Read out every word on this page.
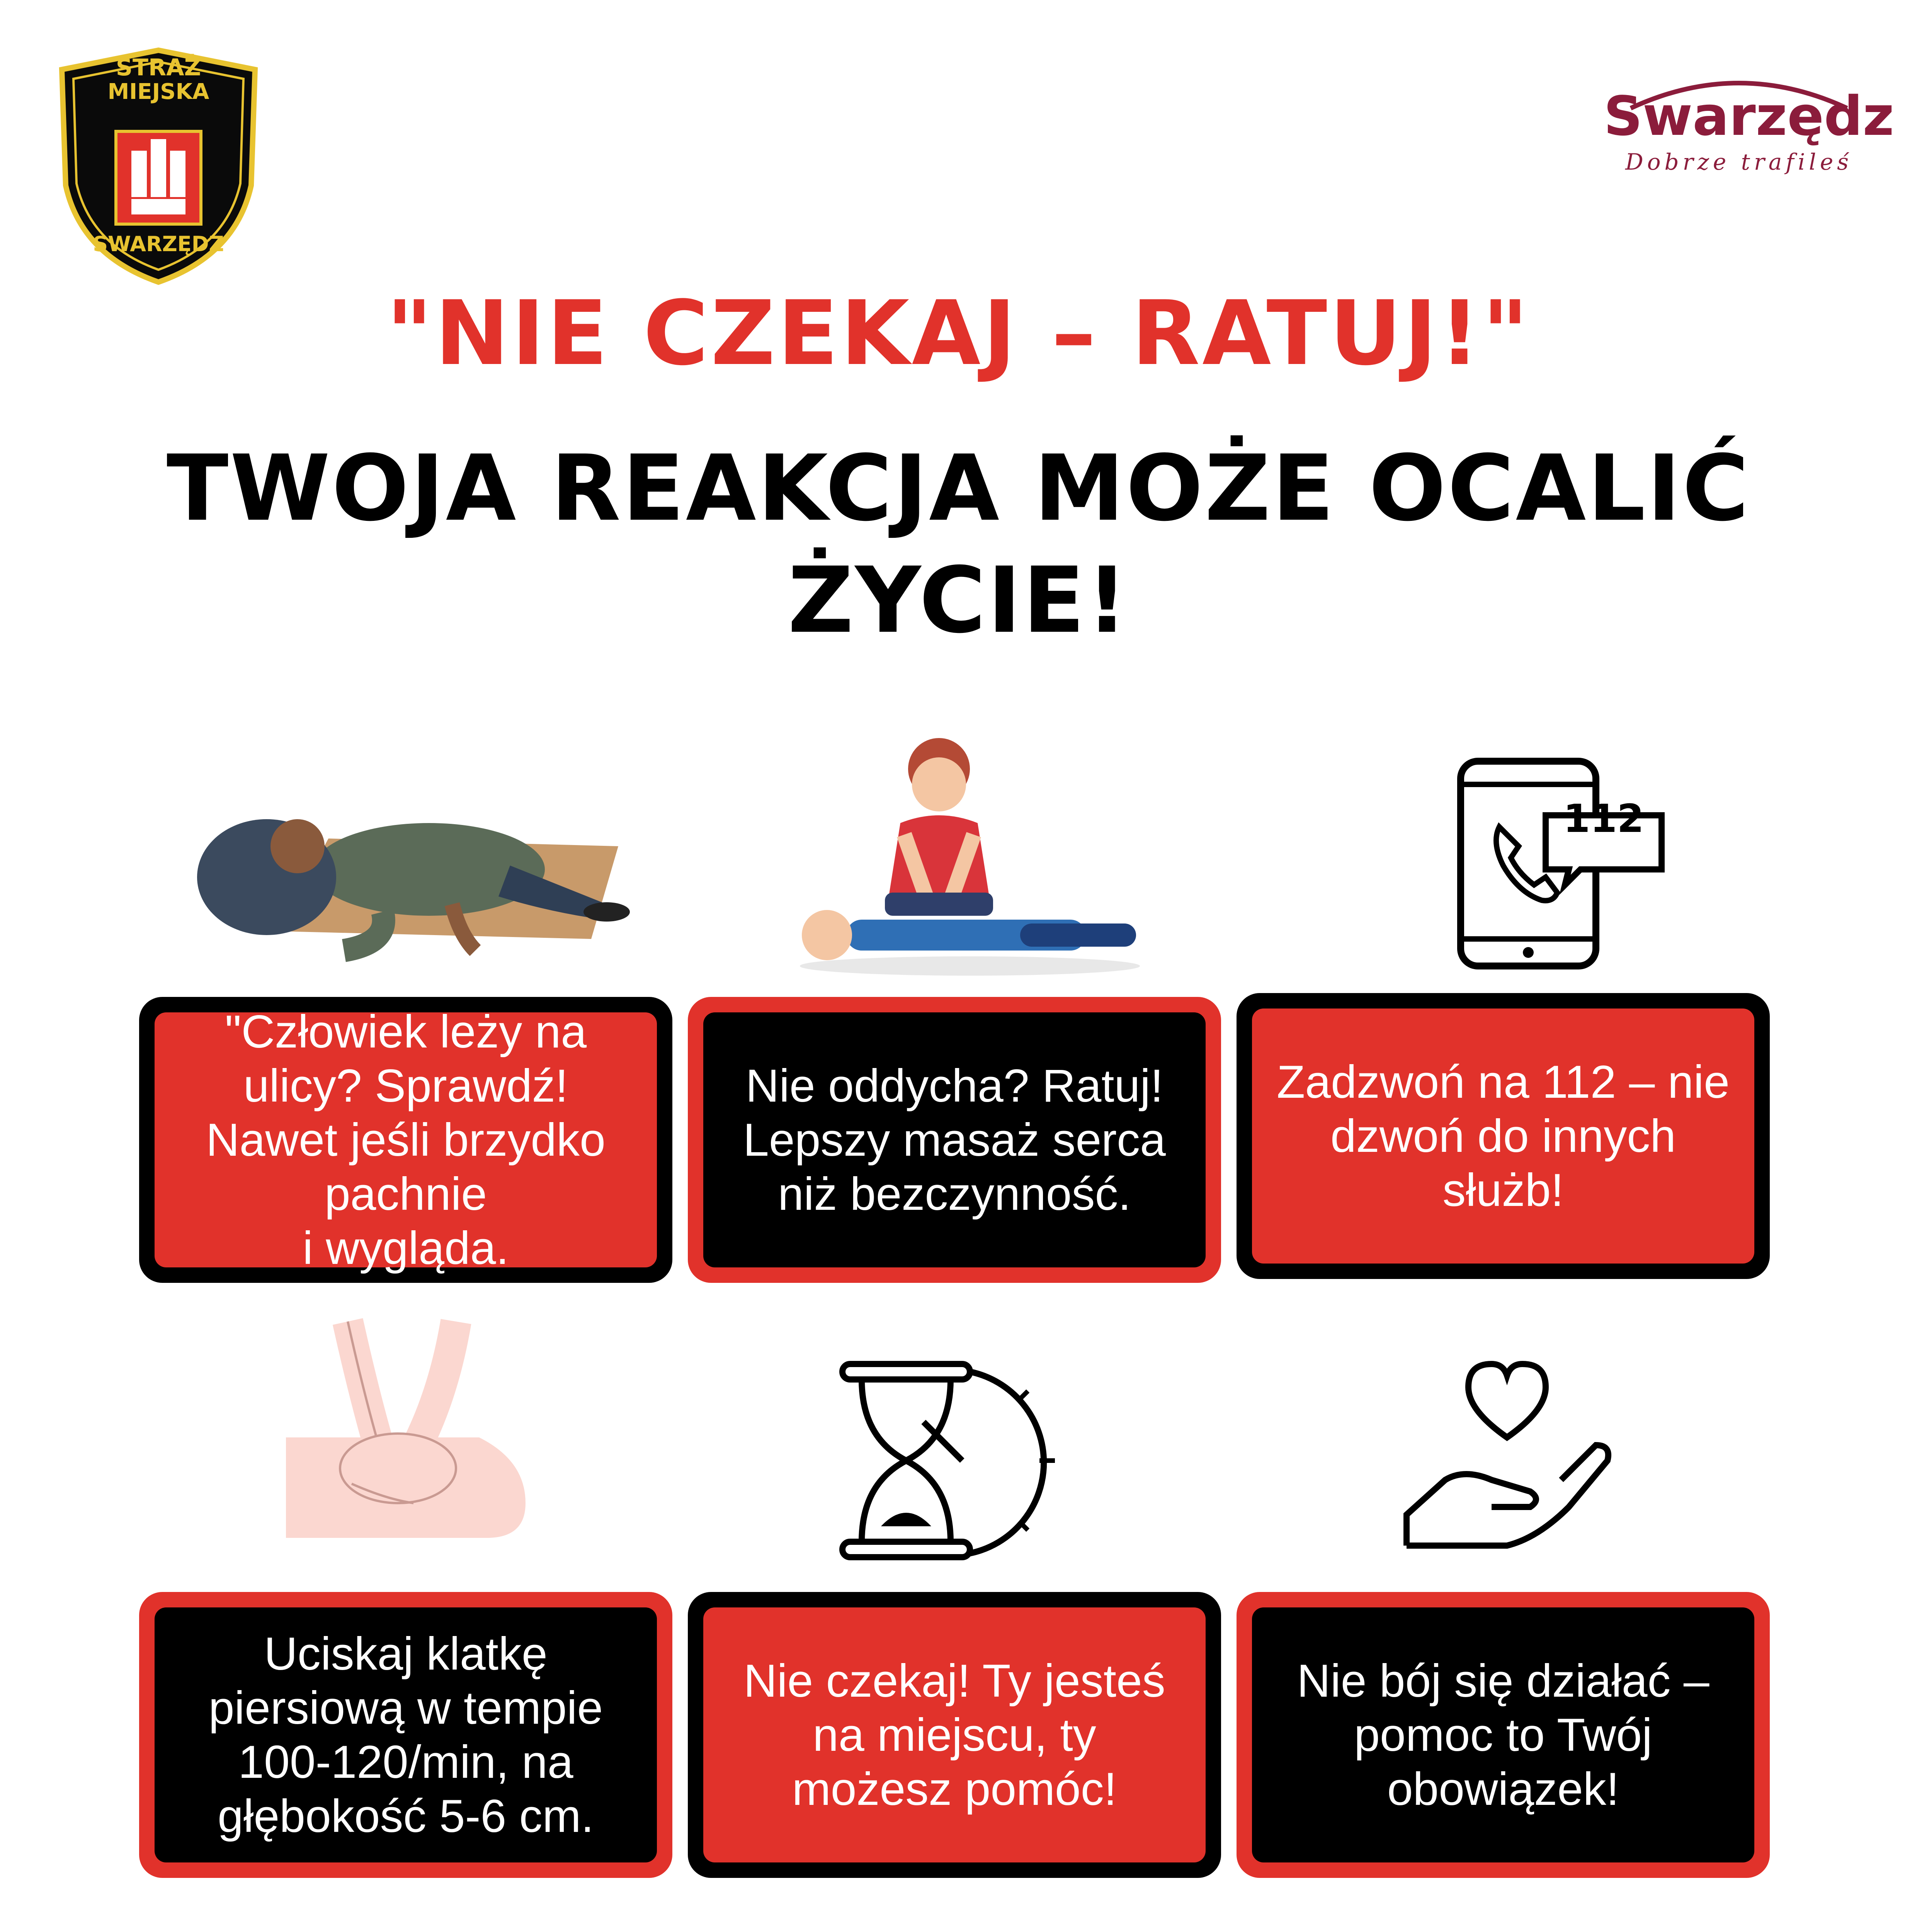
STRAŻ
MIEJSKA
SWARZĘDZ
Swarzędz
Dobrze trafileś
"NIE CZEKAJ – RATUJ!"
TWOJA REAKCJA MOŻE OCALIĆ ŻYCIE!
112
"Człowiek leży na ulicy? Sprawdź! Nawet jeśli brzydko pachnie
i wygląda.
Nie oddycha? Ratuj! Lepszy masaż serca niż bezczynność.
Zadzwoń na 112 – nie dzwoń do innych służb!
Uciskaj klatkę piersiową w tempie 100-120/min, na głębokość 5-6 cm.
Nie czekaj! Ty jesteś na miejscu, ty możesz pomóc!
Nie bój się działać – pomoc to Twój obowiązek!
